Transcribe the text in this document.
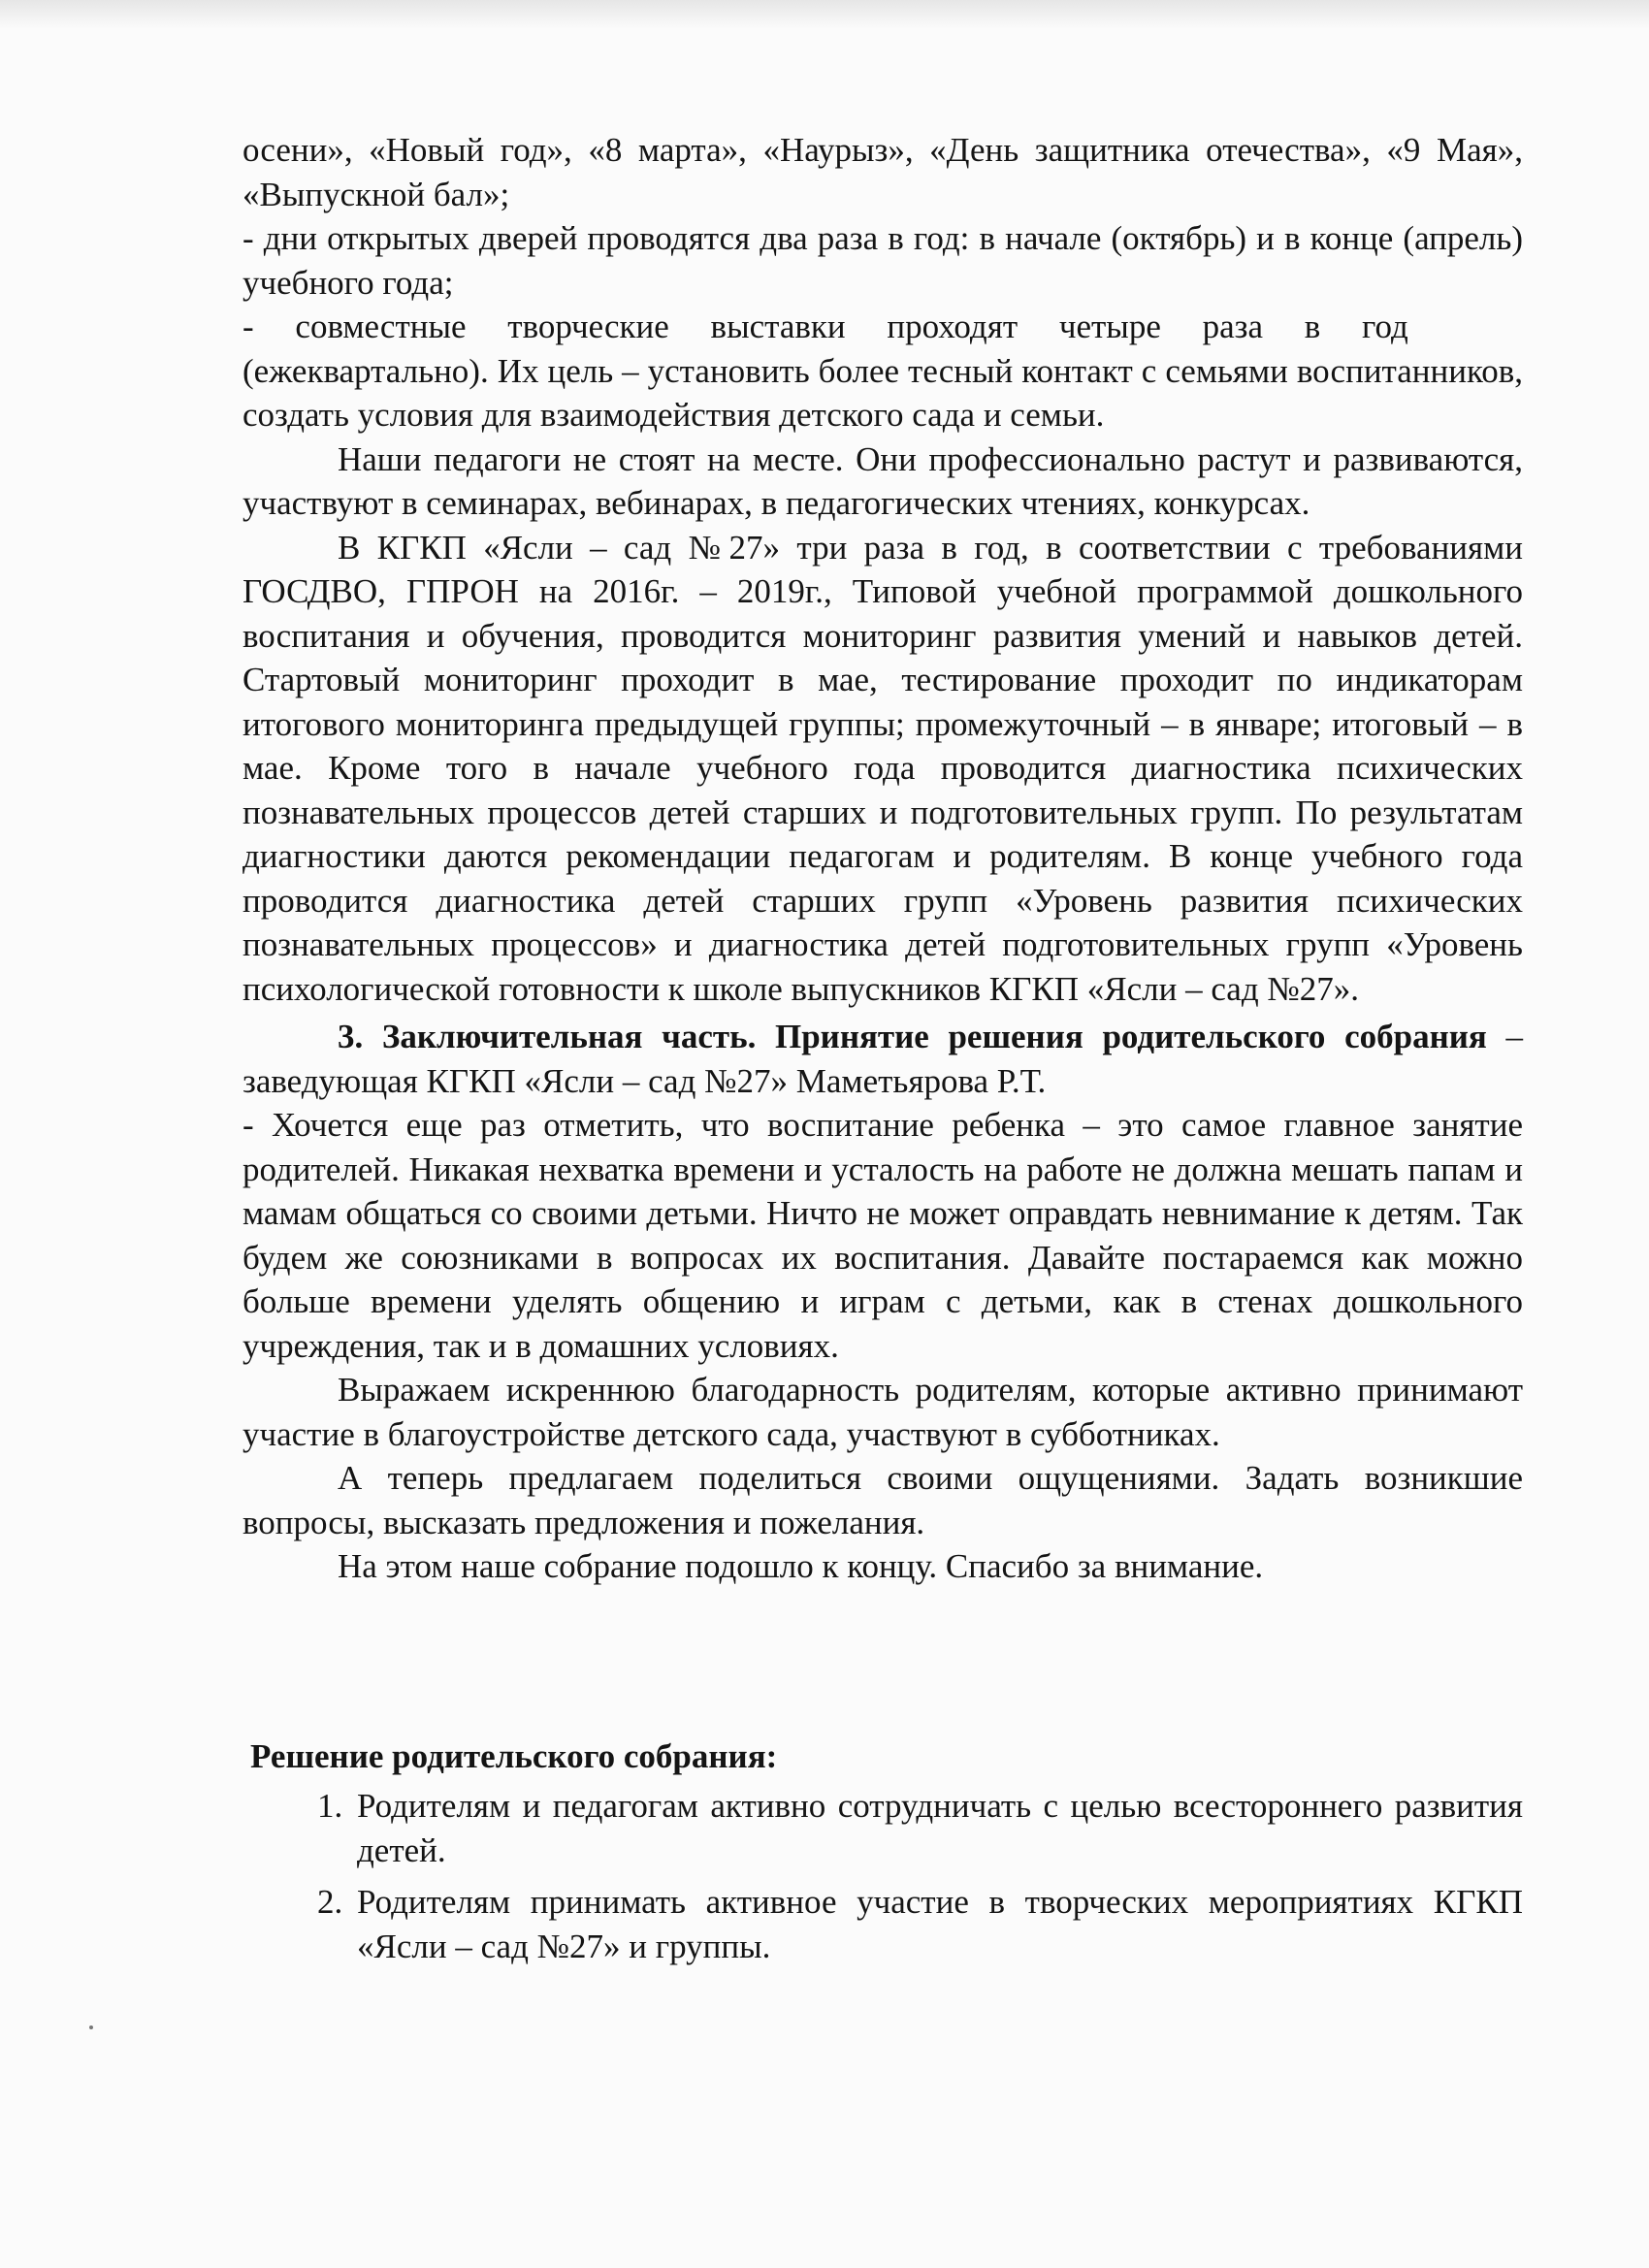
осени», «Новый год», «8 марта», «Наурыз», «День защитника отечества», «9 Мая», «Выпускной бал»;

- дни открытых дверей проводятся два раза в год: в начале (октябрь) и в конце (апрель) учебного года;

- совместные творческие выставки проходят четыре раза в год

(ежеквартально). Их цель – установить более тесный контакт с семьями воспитанников, создать условия для взаимодействия детского сада и семьи.

Наши педагоги не стоят на месте. Они профессионально растут и развиваются, участвуют в семинарах, вебинарах, в педагогических чтениях, конкурсах.

В КГКП «Ясли – сад №27» три раза в год, в соответствии с требованиями ГОСДВО, ГПРОН на 2016г. – 2019г., Типовой учебной программой дошкольного воспитания и обучения, проводится мониторинг развития умений и навыков детей. Стартовый мониторинг проходит в мае, тестирование проходит по индикаторам итогового мониторинга предыдущей группы; промежуточный – в январе; итоговый – в мае. Кроме того в начале учебного года проводится диагностика психических познавательных процессов детей старших и подготовительных групп. По результатам диагностики даются рекомендации педагогам и родителям. В конце учебного года проводится диагностика детей старших групп «Уровень развития психических познавательных процессов» и диагностика детей подготовительных групп «Уровень психологической готовности к школе выпускников КГКП «Ясли – сад №27».

3. Заключительная часть. Принятие решения родительского собрания – заведующая КГКП «Ясли – сад №27» Маметьярова Р.Т.

- Хочется еще раз отметить, что воспитание ребенка – это самое главное занятие родителей. Никакая нехватка времени и усталость на работе не должна мешать папам и мамам общаться со своими детьми. Ничто не может оправдать невнимание к детям. Так будем же союзниками в вопросах их воспитания. Давайте постараемся как можно больше времени уделять общению и играм с детьми, как в стенах дошкольного учреждения, так и в домашних условиях.

Выражаем искреннюю благодарность родителям, которые активно принимают участие в благоустройстве детского сада, участвуют в субботниках.

А теперь предлагаем поделиться своими ощущениями. Задать возникшие вопросы, высказать предложения и пожелания.

На этом наше собрание подошло к концу. Спасибо за внимание.

Решение родительского собрания:

1. Родителям и педагогам активно сотрудничать с целью всестороннего развития детей.
2. Родителям принимать активное участие в творческих мероприятиях КГКП «Ясли – сад №27» и группы.
